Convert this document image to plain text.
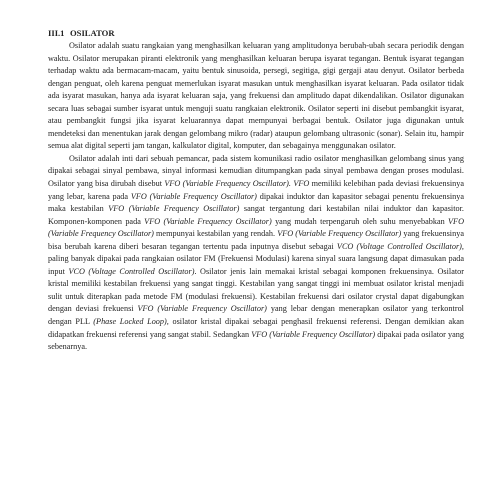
III.1 OSILATOR

Osilator adalah suatu rangkaian yang menghasilkan keluaran yang amplitudonya berubah-ubah secara periodik dengan waktu. Osilator merupakan piranti elektronik yang menghasilkan keluaran berupa isyarat tegangan. Bentuk isyarat tegangan terhadap waktu ada bermacam-macam, yaitu bentuk sinusoida, persegi, segitiga, gigi gergaji atau denyut. Osilator berbeda dengan penguat, oleh karena penguat memerlukan isyarat masukan untuk menghasilkan isyarat keluaran. Pada osilator tidak ada isyarat masukan, hanya ada isyarat keluaran saja, yang frekuensi dan amplitudo dapat dikendalikan. Osilator digunakan secara luas sebagai sumber isyarat untuk menguji suatu rangkaian elektronik. Osilator seperti ini disebut pembangkit isyarat, atau pembangkit fungsi jika isyarat keluarannya dapat mempunyai berbagai bentuk. Osilator juga digunakan untuk mendeteksi dan menentukan jarak dengan gelombang mikro (radar) ataupun gelombang ultrasonic (sonar). Selain itu, hampir semua alat digital seperti jam tangan, kalkulator digital, komputer, dan sebagainya menggunakan osilator.

Osilator adalah inti dari sebuah pemancar, pada sistem komunikasi radio osilator menghasilkan gelombang sinus yang dipakai sebagai sinyal pembawa, sinyal informasi kemudian ditumpangkan pada sinyal pembawa dengan proses modulasi. Osilator yang bisa dirubah disebut VFO (Variable Frequency Oscillator). VFO memiliki kelebihan pada deviasi frekuensinya yang lebar, karena pada VFO (Variable Frequency Oscillator) dipakai induktor dan kapasitor sebagai penentu frekuensinya maka kestabilan VFO (Variable Frequency Oscillator) sangat tergantung dari kestabilan nilai induktor dan kapasitor. Komponen-komponen pada VFO (Variable Frequency Oscillator) yang mudah terpengaruh oleh suhu menyebabkan VFO (Variable Frequency Oscillator) mempunyai kestabilan yang rendah. VFO (Variable Frequency Oscillator) yang frekuensinya bisa berubah karena diberi besaran tegangan tertentu pada inputnya disebut sebagai VCO (Voltage Controlled Oscillator), paling banyak dipakai pada rangkaian osilator FM (Frekuensi Modulasi) karena sinyal suara langsung dapat dimasukan pada input VCO (Voltage Controlled Oscillator). Osilator jenis lain memakai kristal sebagai komponen frekuensinya. Osilator kristal memiliki kestabilan frekuensi yang sangat tinggi. Kestabilan yang sangat tinggi ini membuat osilator kristal menjadi sulit untuk diterapkan pada metode FM (modulasi frekuensi). Kestabilan frekuensi dari osilator crystal dapat digabungkan dengan deviasi frekuensi VFO (Variable Frequency Oscillator) yang lebar dengan menerapkan osilator yang terkontrol dengan PLL (Phase Locked Loop), osilator kristal dipakai sebagai penghasil frekuensi referensi. Dengan demikian akan didapatkan frekuensi referensi yang sangat stabil. Sedangkan VFO (Variable Frequency Oscillator) dipakai pada osilator yang sebenarnya.
